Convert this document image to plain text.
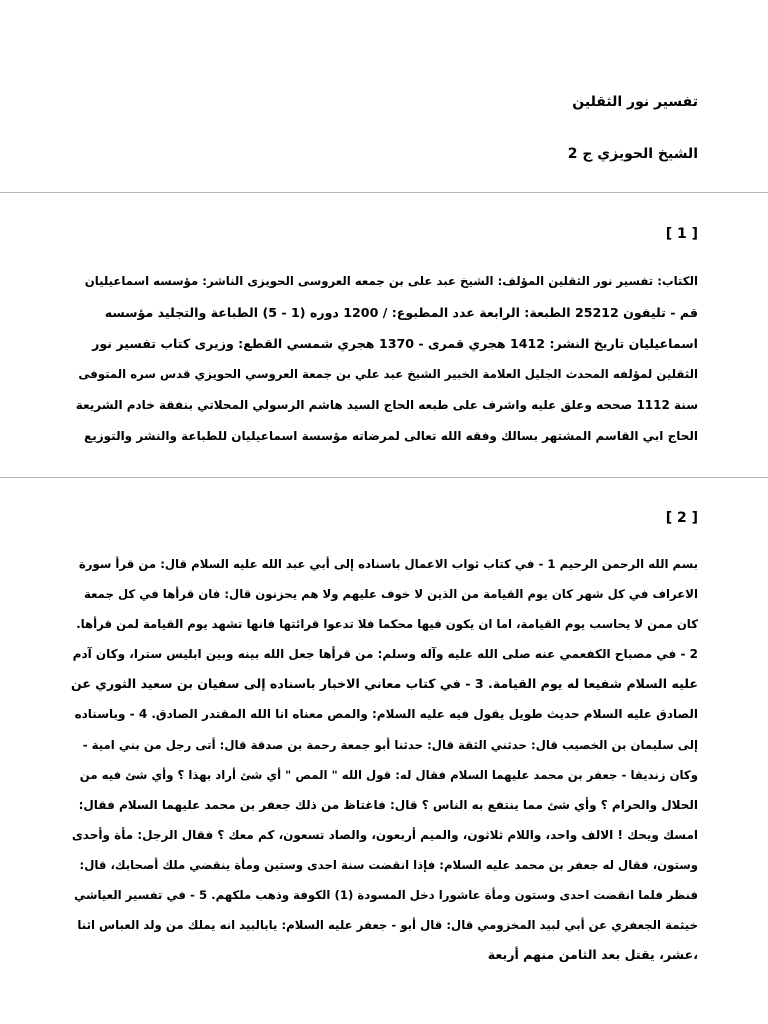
تفسير نور الثقلين
الشيخ الحويزي ج 2
[ 1 ]
الكتاب: تفسير نور الثقلين المؤلف: الشيخ عبد على بن جمعه العروسى الحويزى الناشر: مؤسسه اسماعيليان
قم - تليفون 25212 الطبعة: الرابعة عدد المطبوع: / 1200 دوره (1 - 5) الطباعة والتجليد مؤسسه
اسماعيليان تاريخ النشر: 1412 هجري قمرى - 1370 هجري شمسي القطع: وزيرى كتاب تفسير نور
الثقلين لمؤلفه المحدث الجليل العلامة الخبير الشيخ عبد علي بن جمعة العروسي الحويزي قدس سره المتوفى
سنة 1112 صححه وعلق عليه واشرف على طبعه الحاج السيد هاشم الرسولي المحلاتي بنفقة خادم الشريعة
الحاج ابي القاسم المشتهر بسالك وفقه الله تعالى لمرضاته مؤسسة اسماعيليان للطباعة والنشر والتوزيع
[ 2 ]
بسم الله الرحمن الرحيم 1 - في كتاب ثواب الاعمال باسناده إلى أبي عبد الله عليه السلام قال: من قرأ سورة
الاعراف في كل شهر كان يوم القيامة من الذين لا خوف عليهم ولا هم يحزنون قال: فان قرأها في كل جمعة
كان ممن لا يحاسب يوم القيامة، اما ان يكون فيها محكما فلا تدعوا قرائتها فانها تشهد يوم القيامة لمن قرأها.
2 - في مصباح الكفعمي عنه صلى الله عليه وآله وسلم: من قرأها جعل الله بينه وبين ابليس سترا، وكان آدم
عليه السلام شفيعا له يوم القيامة. 3 - في كتاب معاني الاخبار باسناده إلى سفيان بن سعيد الثوري عن
الصادق عليه السلام حديث طويل يقول فيه عليه السلام: والمص معناه انا الله المقتدر الصادق. 4 - وباسناده
إلى سليمان بن الخصيب قال: حدثني الثقة قال: حدثنا أبو جمعة رحمة بن صدقة قال: أتى رجل من بني امية -
وكان زنديقا - جعفر بن محمد عليهما السلام فقال له: قول الله " المص " أي شئ أراد بهذا ؟ وأي شئ فيه من
الحلال والحرام ؟ وأي شئ مما ينتفع به الناس ؟ قال: فاغتاظ من ذلك جعفر بن محمد عليهما السلام فقال:
امسك ويحك ! الالف واحد، واللام ثلاثون، والميم أربعون، والصاد تسعون، كم معك ؟ فقال الرجل: مأة وأحدى
وستون، فقال له جعفر بن محمد عليه السلام: فإذا انقضت سنة احدى وستين ومأة ينقضي ملك أصحابك، قال:
فنظر فلما انقضت احدى وستون ومأة عاشورا دخل المسودة (1) الكوفة وذهب ملكهم. 5 - في تفسير العياشي
خيثمة الجعفري عن أبي لبيد المخزومي قال: قال أبو - جعفر عليه السلام: يابالبيد انه يملك من ولد العباس اثنا
،عشر، يقتل بعد الثامن منهم أربعة
